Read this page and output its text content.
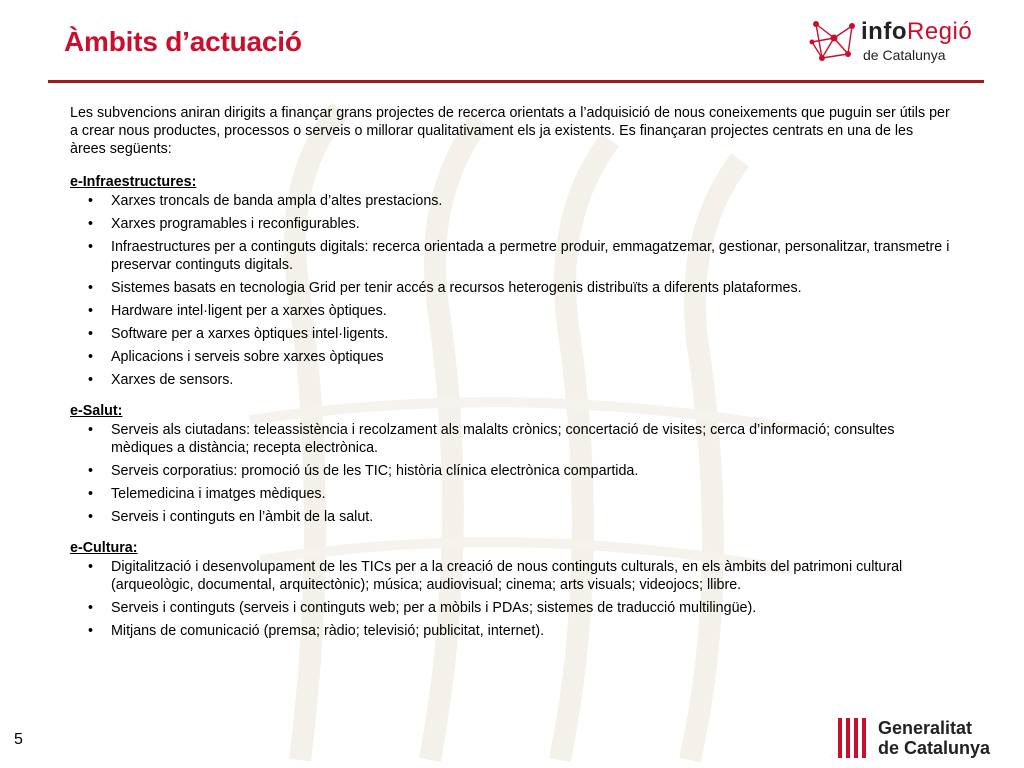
Àmbits d’actuació	infoRegió
de Catalunya

Les subvencions aniran dirigits a finançar grans projectes de recerca orientats a l’adquisició de nous coneixements que puguin ser útils per a crear nous productes, processos o serveis o millorar qualitativament els ja existents. Es finançaran projectes centrats en una de les àrees següents:

e-Infraestructures:

• Xarxes troncals de banda ampla d’altes prestacions.
• Xarxes programables i reconfigurables.
• Infraestructures per a continguts digitals: recerca orientada a permetre produir, emmagatzemar, gestionar, personalitzar, transmetre i preservar continguts digitals.
• Sistemes basats en tecnologia Grid per tenir accés a recursos heterogenis distribuïts a diferents plataformes.
• Hardware intel·ligent per a xarxes òptiques.
• Software per a xarxes òptiques intel·ligents.
• Aplicacions i serveis sobre xarxes òptiques
• Xarxes de sensors.

e-Salut:

• Serveis als ciutadans: teleassistència i recolzament als malalts crònics; concertació de visites; cerca d’informació; consultes mèdiques a distància; recepta electrònica.
• Serveis corporatius: promoció ús de les TIC; història clínica electrònica compartida.
• Telemedicina i imatges mèdiques.
• Serveis i continguts en l’àmbit de la salut.

e-Cultura:

• Digitalització i desenvolupament de les TICs per a la creació de nous continguts culturals, en els àmbits del patrimoni cultural (arqueològic, documental, arquitectònic); música; audiovisual; cinema; arts visuals; videojocs; llibre.
• Serveis i continguts (serveis i continguts web; per a mòbils i PDAs; sistemes de traducció multilingüe).
• Mitjans de comunicació (premsa; ràdio; televisió; publicitat, internet).
5
Generalitat
de Catalunya
